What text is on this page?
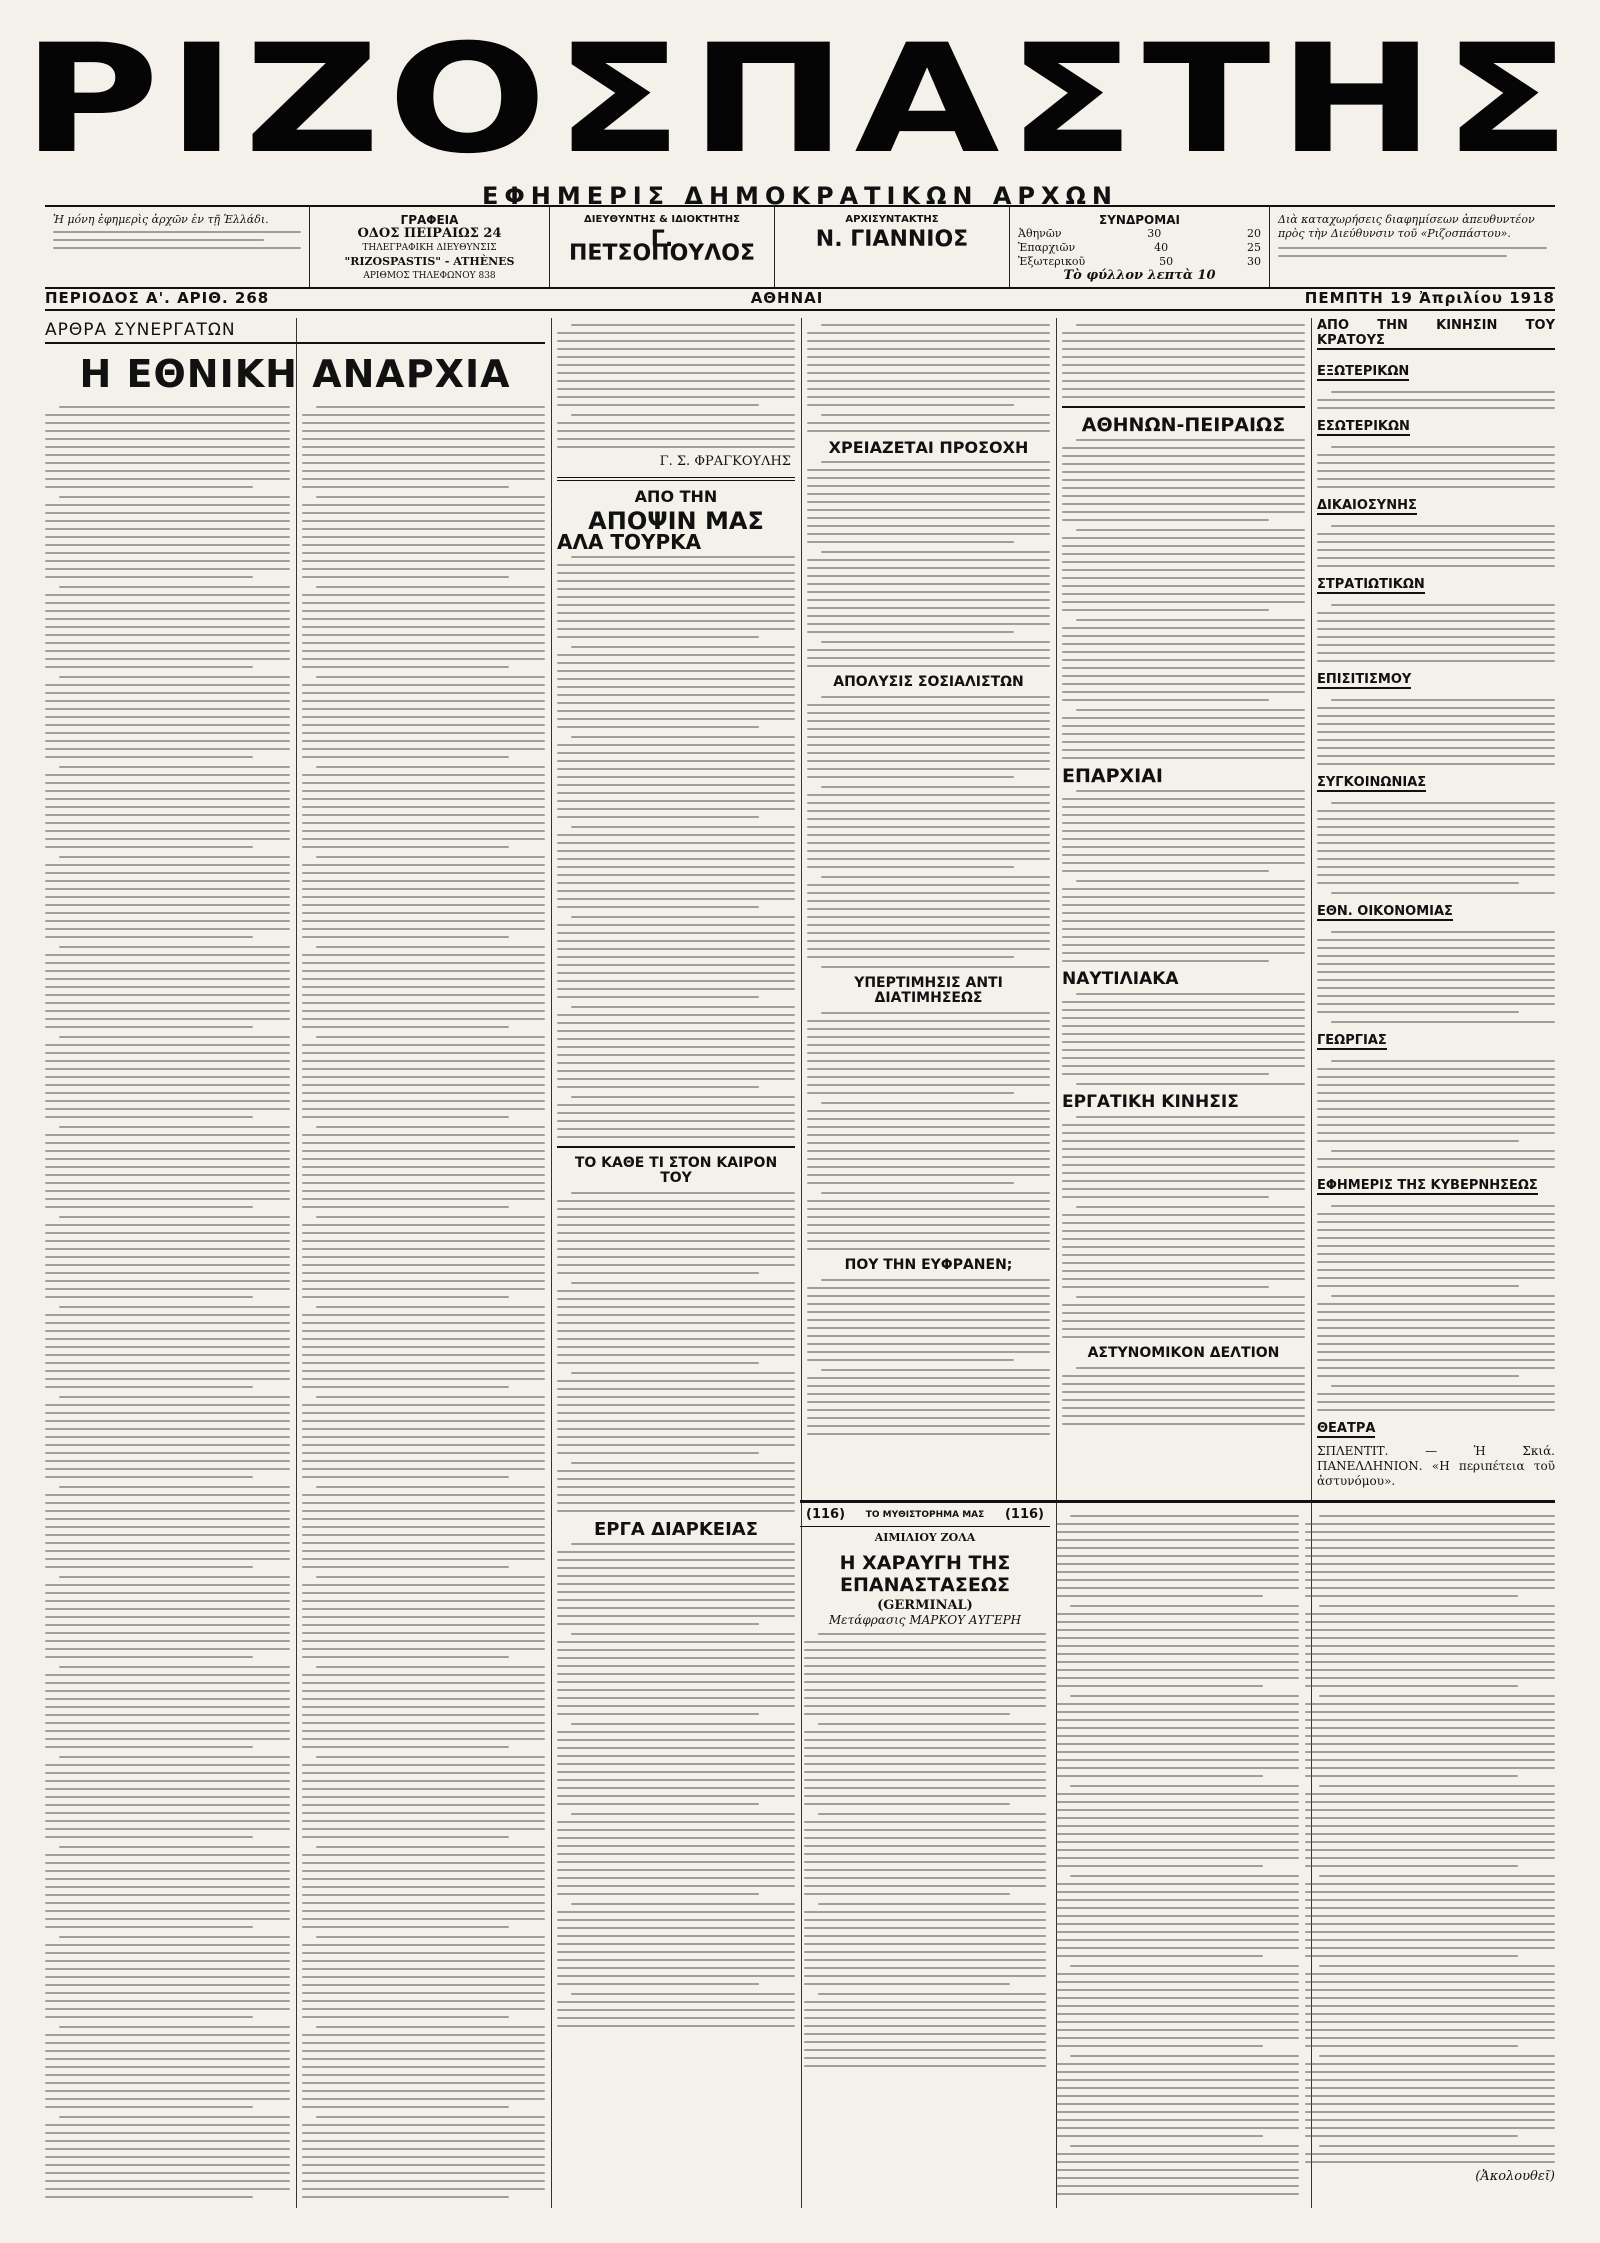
ΡΙΖΟΣΠΑΣΤΗΣ
ΕΦΗΜΕΡΙΣ ΔΗΜΟΚΡΑΤΙΚΩΝ ΑΡΧΩΝ
Ἡ μόνη ἐφημερὶς ἀρχῶν ἐν τῇ Ἑλλάδι.	ΓΡΑΦΕΙΑ
ΟΔΟΣ ΠΕΙΡΑΙΩΣ 24
ΤΗΛΕΓΡΑΦΙΚΗ ΔΙΕΥΘΥΝΣΙΣ
"RIZOSPASTIS" - ATHÈNES
ΑΡΙΘΜΟΣ ΤΗΛΕΦΩΝΟΥ 838
ΔΙΕΥΘΥΝΤΗΣ & ΙΔΙΟΚΤΗΤΗΣ
Γ. ΠΕΤΣΟΠΟΥΛΟΣ
ΑΡΧΙΣΥΝΤΑΚΤΗΣ
Ν. ΓΙΑΝΝΙΟΣ
ΣΥΝΔΡΟΜΑΙ
Ἀθηνῶν	30	20
Ἐπαρχιῶν	40	25
Ἐξωτερικοῦ	50	30
Τὸ φύλλον λεπτὰ 10
Διὰ καταχωρήσεις διαφημίσεων ἀπευθυντέον πρὸς τὴν Διεύθυνσιν τοῦ «Ριζοσπάστου».
ΠΕΡΙΟΔΟΣ Α'. ΑΡΙΘ. 268	ΑΘΗΝΑΙ	ΠΕΜΠΤΗ 19 Ἀπριλίου 1918
ΑΡΘΡΑ ΣΥΝΕΡΓΑΤΩΝ
Η ΕΘΝΙΚΗ ΑΝΑΡΧΙΑ
Γ. Σ. ΦΡΑΓΚΟΥΛΗΣ
ΑΠΟ ΤΗΝ
ΑΠΟΨΙΝ ΜΑΣ
ΑΛΑ ΤΟΥΡΚΑ
ΤΟ ΚΑΘΕ ΤΙ ΣΤΟΝ ΚΑΙΡΟΝ ΤΟΥ
ΕΡΓΑ ΔΙΑΡΚΕΙΑΣ
ΧΡΕΙΑΖΕΤΑΙ ΠΡΟΣΟΧΗ
ΑΠΟΛΥΣΙΣ ΣΟΣΙΑΛΙΣΤΩΝ
ΥΠΕΡΤΙΜΗΣΙΣ ΑΝΤΙ ΔΙΑΤΙΜΗΣΕΩΣ
ΠΟΥ ΤΗΝ ΕΥΦΡΑΝΕΝ;
ΑΘΗΝΩΝ-ΠΕΙΡΑΙΩΣ
ΕΠΑΡΧΙΑΙ
ΝΑΥΤΙΛΙΑΚΑ
ΕΡΓΑΤΙΚΗ ΚΙΝΗΣΙΣ
ΑΣΤΥΝΟΜΙΚΟΝ ΔΕΛΤΙΟΝ
ΑΠΟ ΤΗΝ ΚΙΝΗΣΙΝ ΤΟΥ ΚΡΑΤΟΥΣ
ΕΞΩΤΕΡΙΚΩΝ
ΕΣΩΤΕΡΙΚΩΝ
ΔΙΚΑΙΟΣΥΝΗΣ
ΣΤΡΑΤΙΩΤΙΚΩΝ
ΕΠΙΣΙΤΙΣΜΟΥ
ΣΥΓΚΟΙΝΩΝΙΑΣ
ΕΘΝ. ΟΙΚΟΝΟΜΙΑΣ
ΓΕΩΡΓΙΑΣ
ΕΦΗΜΕΡΙΣ ΤΗΣ ΚΥΒΕΡΝΗΣΕΩΣ
ΘΕΑΤΡΑ
ΣΠΛΕΝΤΙΤ. — Ἡ Σκιά. ΠΑΝΕΛΛΗΝΙΟΝ. «Η περιπέτεια τοῦ ἀστυνόμου».
(116) ΤΟ ΜΥΘΙΣΤΟΡΗΜΑ ΜΑΣ (116)
ΑΙΜΙΛΙΟΥ ΖΟΛΑ
Η ΧΑΡΑΥΓΗ ΤΗΣ ΕΠΑΝΑΣΤΑΣΕΩΣ
(GERMINAL)
Μετάφρασις ΜΑΡΚΟΥ ΑΥΓΕΡΗ
(Ἀκολουθεῖ)
